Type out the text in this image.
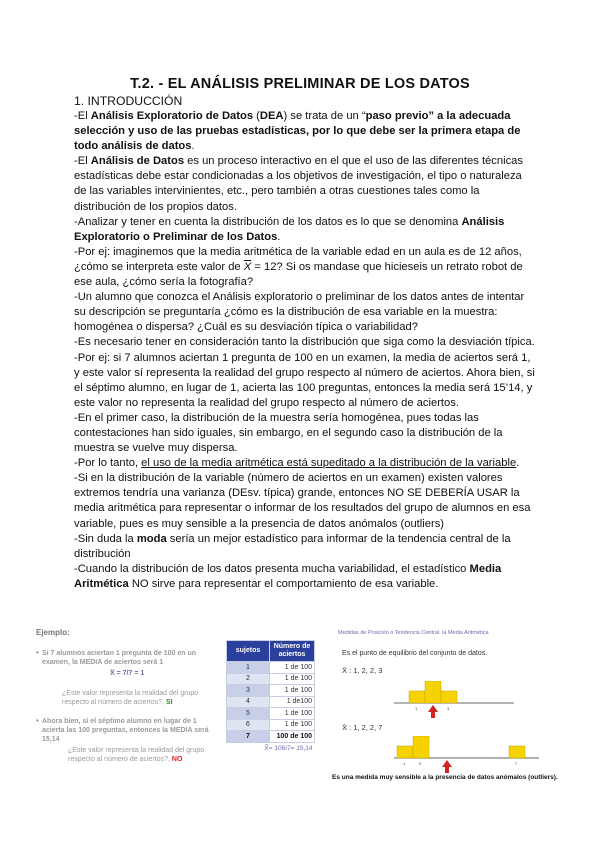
T.2. - EL ANÁLISIS PRELIMINAR DE LOS DATOS
1. INTRODUCCIÓN

-El Análisis Exploratorio de Datos (DEA) se trata de un “paso previo” a la adecuada selección y uso de las pruebas estadísticas, por lo que debe ser la primera etapa de todo análisis de datos.

-El Análisis de Datos es un proceso interactivo en el que el uso de las diferentes técnicas estadísticas debe estar condicionadas a los objetivos de investigación, el tipo o naturaleza de las variables intervinientes, etc., pero también a otras cuestiones tales como la distribución de los propios datos.

-Analizar y tener en cuenta la distribución de los datos es lo que se denomina Análisis Exploratorio o Preliminar de los Datos.

-Por ej: imaginemos que la media aritmética de la variable edad en un aula es de 12 años, ¿cómo se interpreta este valor de $\overline{X} = 12$? Si os mandase que hicieseis un retrato robot de ese aula, ¿cómo sería la fotografía?

-Un alumno que conozca el Análisis exploratorio o preliminar de los datos antes de intentar su descripción se preguntaría ¿cómo es la distribución de esa variable en la muestra: homogénea o dispersa? ¿Cuál es su desviación típica o variabilidad?

-Es necesario tener en consideración tanto la distribución que siga como la desviación típica.

-Por ej: si 7 alumnos aciertan 1 pregunta de 100 en un examen, la media de aciertos será 1, y este valor sí representa la realidad del grupo respecto al número de aciertos. Ahora bien, si el séptimo alumno, en lugar de 1, acierta las 100 preguntas, entonces la media será 15’14, y este valor no representa la realidad del grupo respecto al número de aciertos.

-En el primer caso, la distribución de la muestra sería homogénea, pues todas las contestaciones han sido iguales, sin embargo, en el segundo caso la distribución de la muestra se vuelve muy dispersa.

-Por lo tanto, el uso de la media aritmética está supeditado a la distribución de la variable.

-Si en la distribución de la variable (número de aciertos en un examen) existen valores extremos tendría una varianza (DEsv. típica) grande, entonces NO SE DEBERÍA USAR la media aritmética para representar o informar de los resultados del grupo de alumnos en esa variable, pues es muy sensible a la presencia de datos anómalos (outliers)

-Sin duda la moda sería un mejor estadístico para informar de la tendencia central de la distribución

-Cuando la distribución de los datos presenta mucha variabilidad, el estadístico Media Aritmética NO sirve para representar el comportamiento de esa variable.

Ejemplo:
• Si 7 alumnos aciertan 1 pregunta de 100 en un examen, la MEDIA de aciertos será 1
X̅ = 7/7 = 1
¿Este valor representa la realidad del grupo respecto al número de aciertos?, SI
• Ahora bien, si el séptimo alumno en lugar de 1 acierta las 100 preguntas, entonces la MEDIA será 15,14
¿Este valor representa la realidad del grupo respecto al número de aciertos?, NO
sujetos	Número de aciertos
1	1 de 100
2	1 de 100
3	1 de 100
4	1 de100
5	1 de 100
6	1 de 100
7	100 de 100
X̅= 106/7= 15,14	
Medidas de Posición o Tendencia Central. la Media Aritmética
Es el punto de equilibrio del conjunto de datos.
X̄ : 1, 2, 2, 3
1	3
X̄ : 1, 2, 2, 7
1	2	7
Es una medida muy sensible a la presencia de datos anómalos (outliers).
